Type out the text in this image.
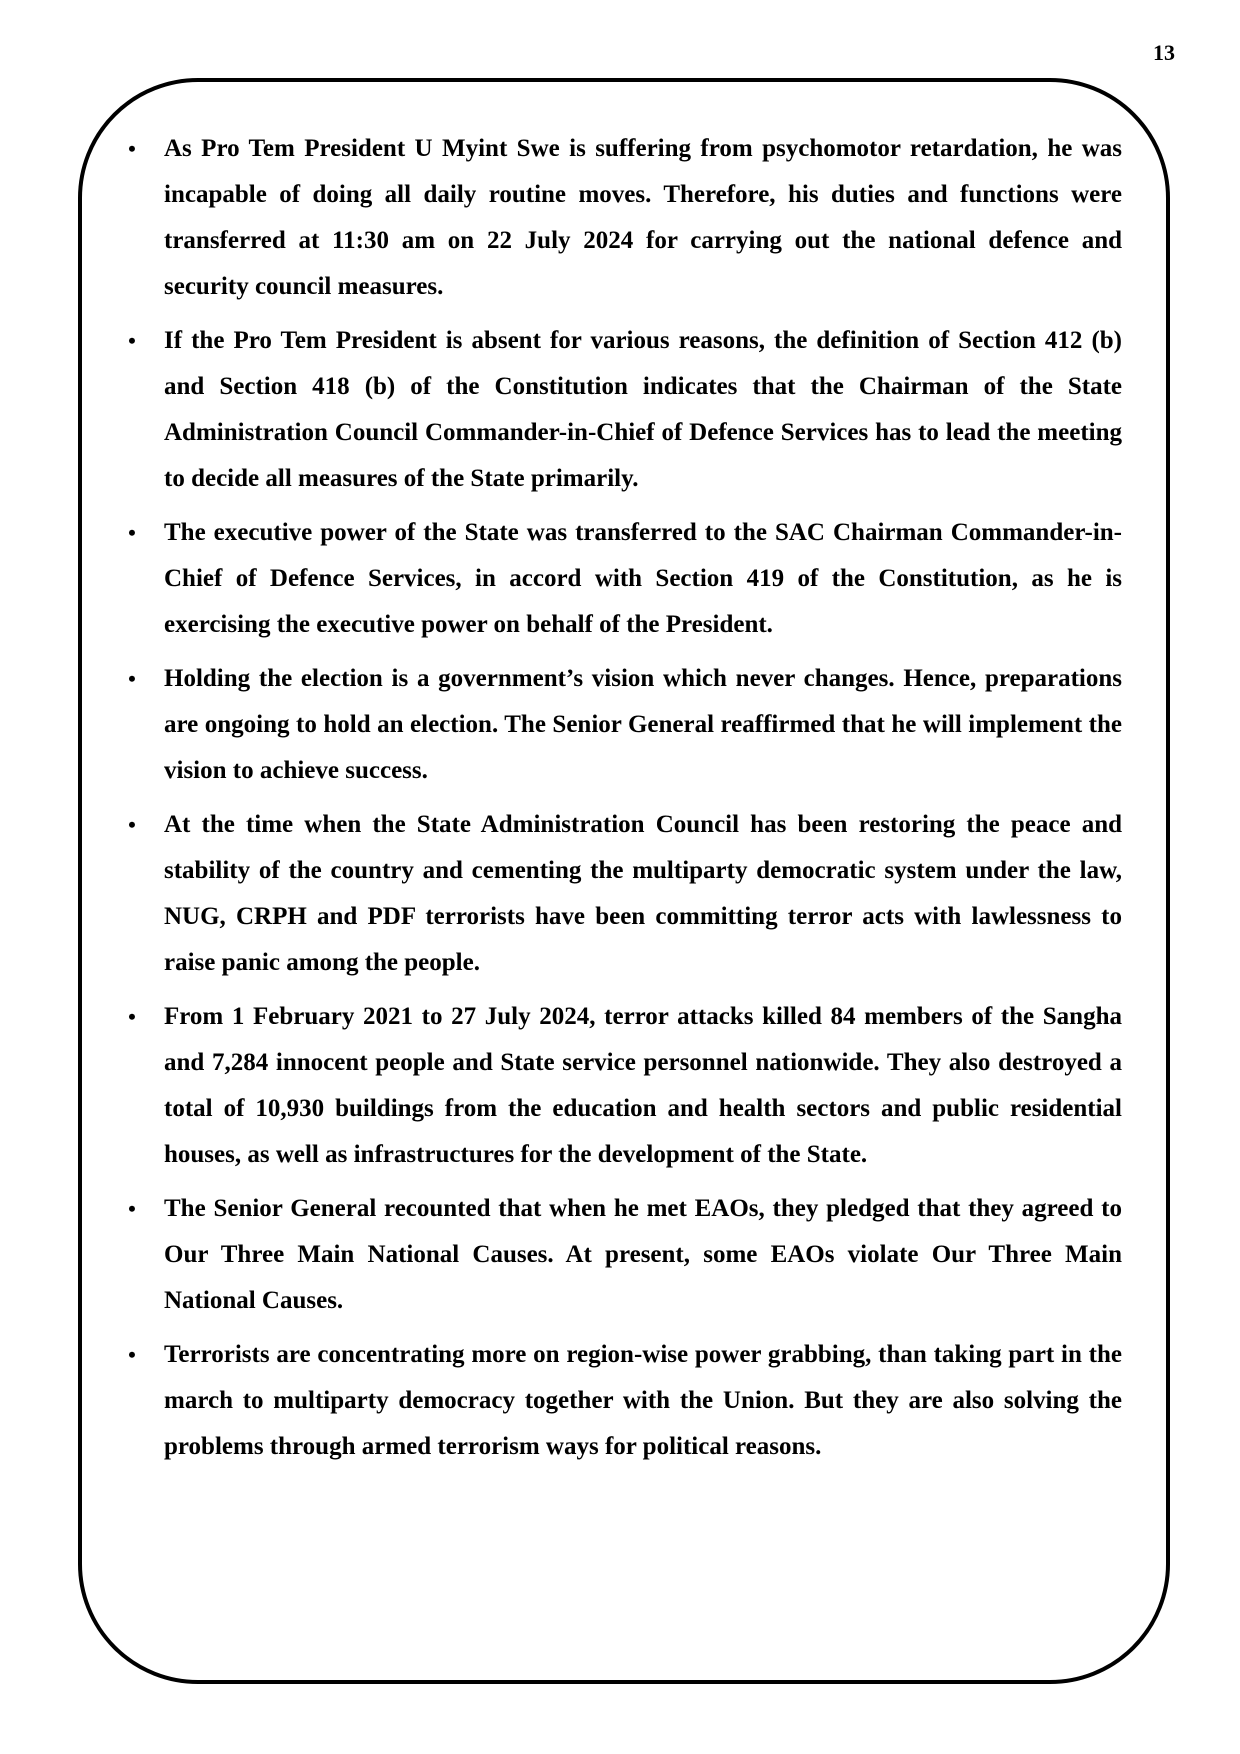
13
• As Pro Tem President U Myint Swe is suffering from psychomotor retardation, he was incapable of doing all daily routine moves. Therefore, his duties and functions were transferred at 11:30 am on 22 July 2024 for carrying out the national defence and security council measures.
• If the Pro Tem President is absent for various reasons, the definition of Section 412 (b) and Section 418 (b) of the Constitution indicates that the Chairman of the State Administration Council Commander-in-Chief of Defence Services has to lead the meeting to decide all measures of the State primarily.
• The executive power of the State was transferred to the SAC Chairman Commander-in-Chief of Defence Services, in accord with Section 419 of the Constitution, as he is exercising the executive power on behalf of the President.
• Holding the election is a government’s vision which never changes. Hence, preparations are ongoing to hold an election. The Senior General reaffirmed that he will implement the vision to achieve success.
• At the time when the State Administration Council has been restoring the peace and stability of the country and cementing the multiparty democratic system under the law, NUG, CRPH and PDF terrorists have been committing terror acts with lawlessness to raise panic among the people.
• From 1 February 2021 to 27 July 2024, terror attacks killed 84 members of the Sangha and 7,284 innocent people and State service personnel nationwide. They also destroyed a total of 10,930 buildings from the education and health sectors and public residential houses, as well as infrastructures for the development of the State.
• The Senior General recounted that when he met EAOs, they pledged that they agreed to Our Three Main National Causes. At present, some EAOs violate Our Three Main National Causes.
• Terrorists are concentrating more on region-wise power grabbing, than taking part in the march to multiparty democracy together with the Union. But they are also solving the problems through armed terrorism ways for political reasons.
